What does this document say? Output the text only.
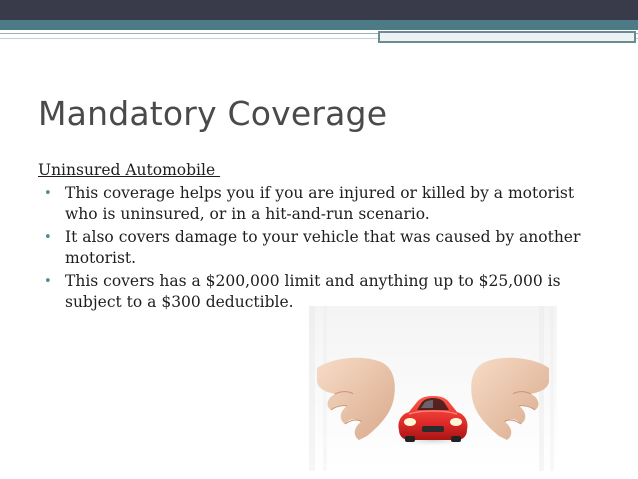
Mandatory Coverage
Uninsured Automobile
• This coverage helps you if you are injured or killed by a motorist who is uninsured, or in a hit-and-run scenario.
• It also covers damage to your vehicle that was caused by another motorist.
• This covers has a $200,000 limit and anything up to $25,000 is subject to a $300 deductible.
